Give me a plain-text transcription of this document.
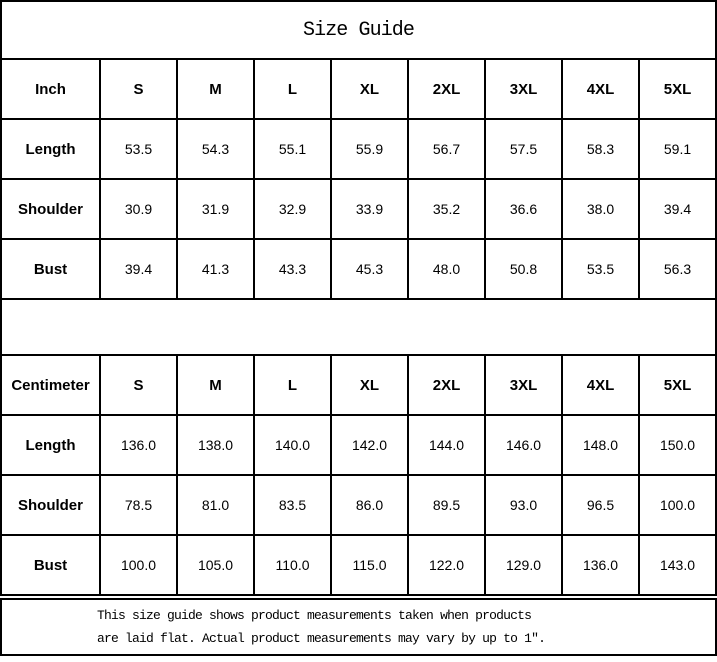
Size Guide
Inch	S	M	L	XL	2XL	3XL	4XL	5XL
Length	53.5	54.3	55.1	55.9	56.7	57.5	58.3	59.1
Shoulder	30.9	31.9	32.9	33.9	35.2	36.6	38.0	39.4
Bust	39.4	41.3	43.3	45.3	48.0	50.8	53.5	56.3
Centimeter	S	M	L	XL	2XL	3XL	4XL	5XL
Length	136.0	138.0	140.0	142.0	144.0	146.0	148.0	150.0
Shoulder	78.5	81.0	83.5	86.0	89.5	93.0	96.5	100.0
Bust	100.0	105.0	110.0	115.0	122.0	129.0	136.0	143.0
This size guide shows product measurements taken when products
are laid flat. Actual product measurements may vary by up to 1″.
